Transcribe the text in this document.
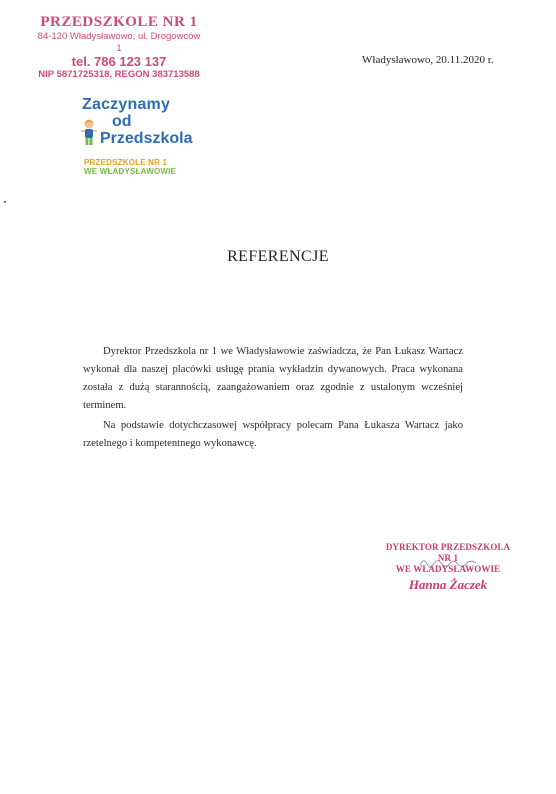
PRZEDSZKOLE NR 1
84-120 Władysławowo, ul. Drogowców 1
tel. 786 123 137
NIP 5871725318, REGON 383713588
Władysławowo, 20.11.2020 r.
Zaczynamy
od
Przedszkola
PRZEDSZKOLE NR 1
WE WŁADYSŁAWOWIE
REFERENCJE

Dyrektor Przedszkola nr 1 we Władysławowie zaświadcza, że Pan Łukasz Wartacz wykonał dla naszej placówki usługę prania wykładzin dywanowych. Praca wykonana została z dużą starannością, zaangażowaniem oraz zgodnie z ustalonym wcześniej terminem.

Na podstawie dotychczasowej współpracy polecam Pana Łukasza Wartacz jako rzetelnego i kompetentnego wykonawcę.

DYREKTOR PRZEDSZKOLA NR 1
WE WŁADYSŁAWOWIE
Hanna Żaczek
